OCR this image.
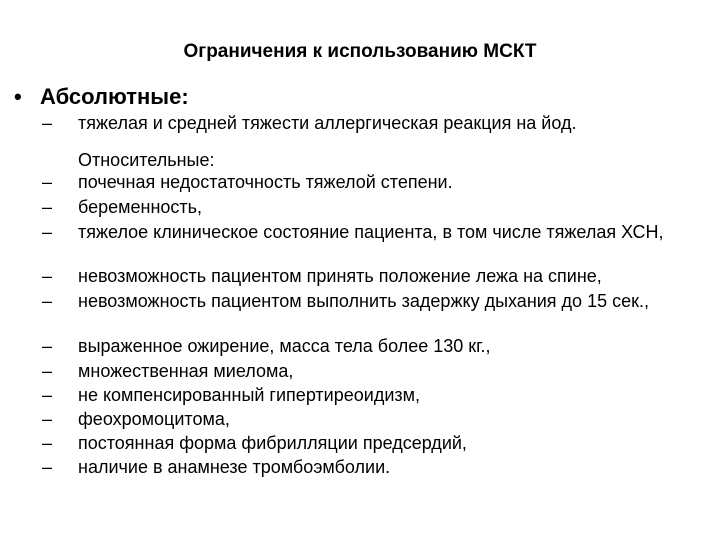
Ограничения к использованию МСКТ
• Абсолютные:
– тяжелая и средней тяжести аллергическая реакция на йод.
Относительные:
– почечная недостаточность тяжелой степени.
– беременность,
– тяжелое клиническое состояние пациента, в том числе тяжелая ХСН,
– невозможность пациентом принять положение лежа на спине,
– невозможность пациентом выполнить задержку дыхания до 15 сек.,
– выраженное ожирение, масса тела более 130 кг.,
– множественная миелома,
– не компенсированный гипертиреоидизм,
– феохромоцитома,
– постоянная форма фибрилляции предсердий,
– наличие в анамнезе тромбоэмболии.
